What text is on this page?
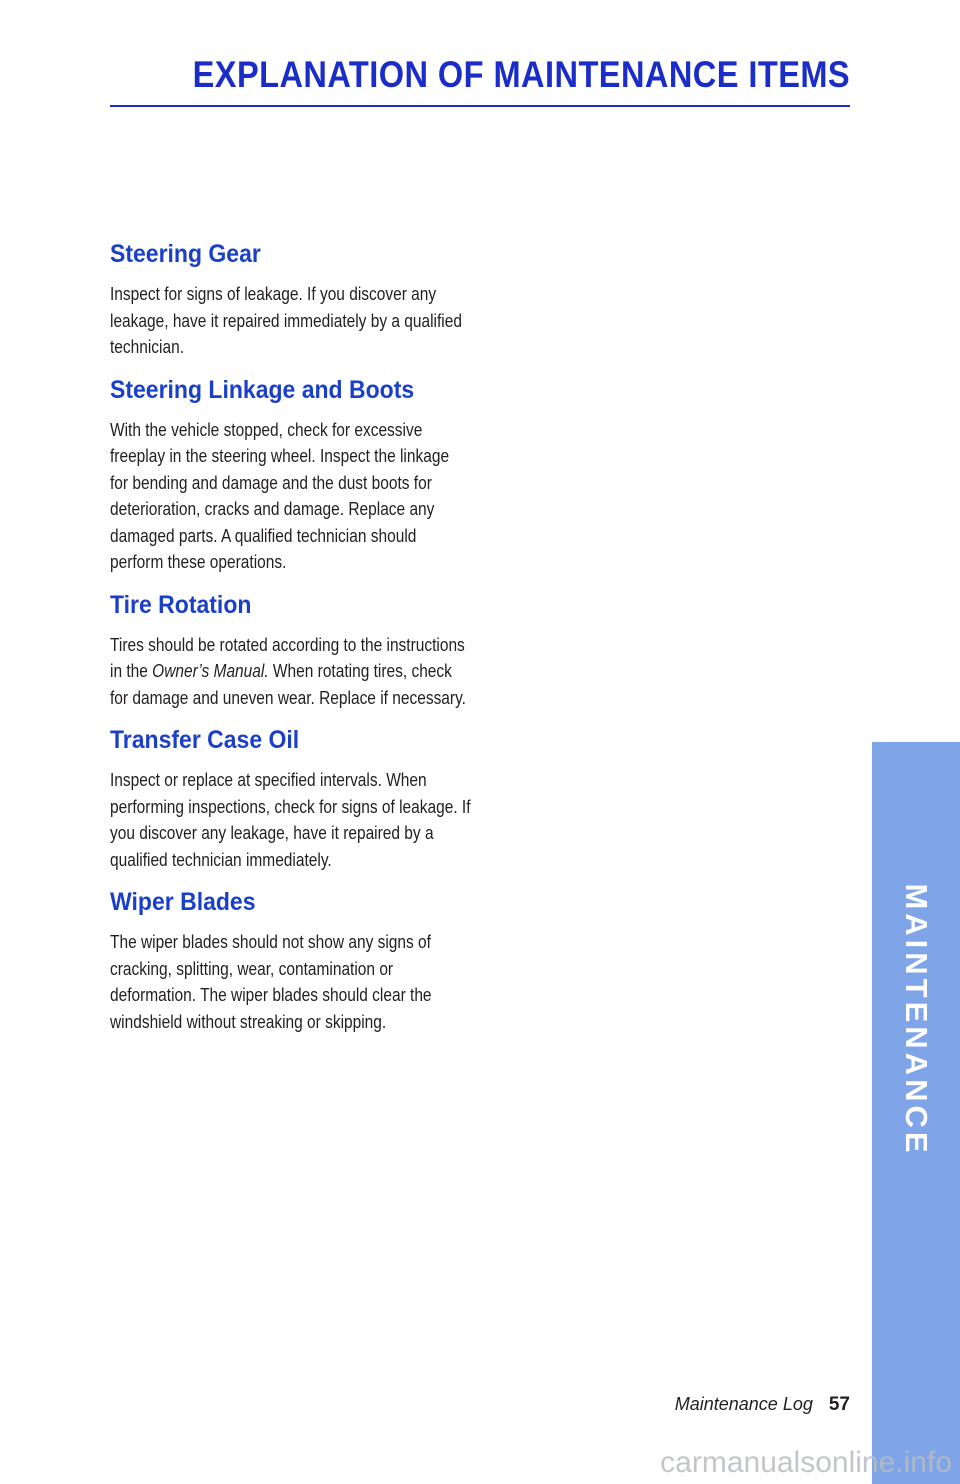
EXPLANATION OF MAINTENANCE ITEMS
Steering Gear

Inspect for signs of leakage. If you discover any leakage, have it repaired immediately by a qualified technician.

Steering Linkage and Boots

With the vehicle stopped, check for excessive freeplay in the steering wheel. Inspect the linkage for bending and damage and the dust boots for deterioration, cracks and damage. Replace any damaged parts. A qualified technician should perform these operations.

Tire Rotation

Tires should be rotated according to the instructions in the Owner’s Manual. When rotating tires, check for damage and uneven wear. Replace if necessary.

Transfer Case Oil

Inspect or replace at specified intervals. When performing inspections, check for signs of leakage. If you discover any leakage, have it repaired by a qualified technician immediately.

Wiper Blades

The wiper blades should not show any signs of cracking, splitting, wear, contamination or deformation. The wiper blades should clear the windshield without streaking or skipping.	MAINTENANCE
Maintenance Log 57
carmanualsonline.info
